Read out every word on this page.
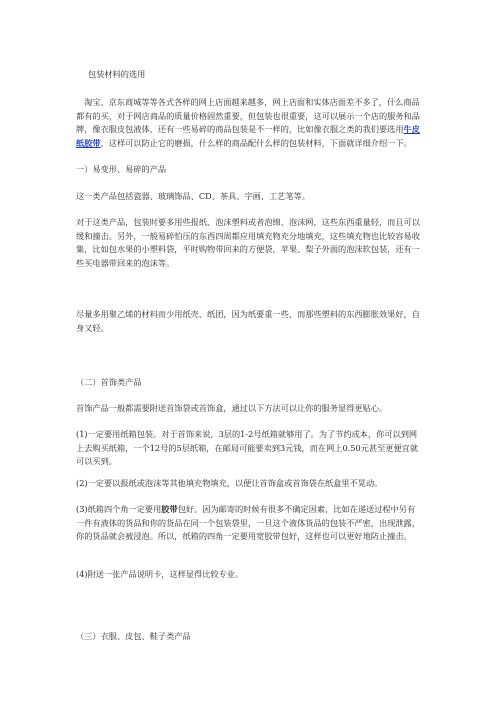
包装材料的选用

淘宝、京东商城等等各式各样的网上店面越来越多，网上店面和实体店面差不多了，什么商品都有的买，对于网店商品的质量价格固然重要，但包装也很重要，这可以展示一个店的服务和品牌，像衣服皮包液体，还有一些易碎的商品包装是不一样的，比如像衣服之类的我们要选用牛皮纸胶带，这样可以防止它的磨损，什么样的商品配什么样的包装材料，下面就详细介绍一下。

一）易变形、易碎的产品

这一类产品包括瓷器、玻璃饰品、CD、茶具、字画、工艺笔等。

对于这类产品，包装时要多用些报纸、泡沫塑料或者泡绵、泡沫网，这些东西重量轻，而且可以缓和撞击。另外，一般易碎怕压的东西四周都应用填充物充分地填充，这些填充物也比较容易收集，比如包水果的小塑料袋，平时购物带回来的方便袋，苹果、梨子外面的泡沫软包装，还有一些买电器带回来的泡沫等。

尽量多用聚乙烯的材料而少用纸壳、纸团，因为纸要重一些，而那些塑料的东西膨胀效果好，自身又轻。

（二）首饰类产品

首饰产品一般都需要附送首饰袋或首饰盒，通过以下方法可以让你的服务显得更贴心。

(1)一定要用纸箱包装。对于首饰来说，3层的1-2号纸箱就够用了。为了节约成本，你可以到网上去购买纸箱，一个12号的5层纸箱，在邮局可能要卖到3元钱，而在网上0.50元甚至更便宜就可以买到。

(2)一定要以报纸或泡沫等其他填充物填充，以便让首饰盒或首饰袋在纸盒里不晃动。

(3)纸箱四个角一定要用胶带包好。因为邮寄的时候有很多不确定因素，比如在递送过程中另有一件有液体的货品和你的货品在同一个包装袋里，一旦这个液体货品的包装不严密，出现泄露，你的货品就会被浸泡。所以，纸箱的四角一定要用宽胶带包好，这样也可以更好地防止撞击。

(4)附送一张产品说明卡，这样显得比较专业。

（三）衣服、皮包、鞋子类产品
